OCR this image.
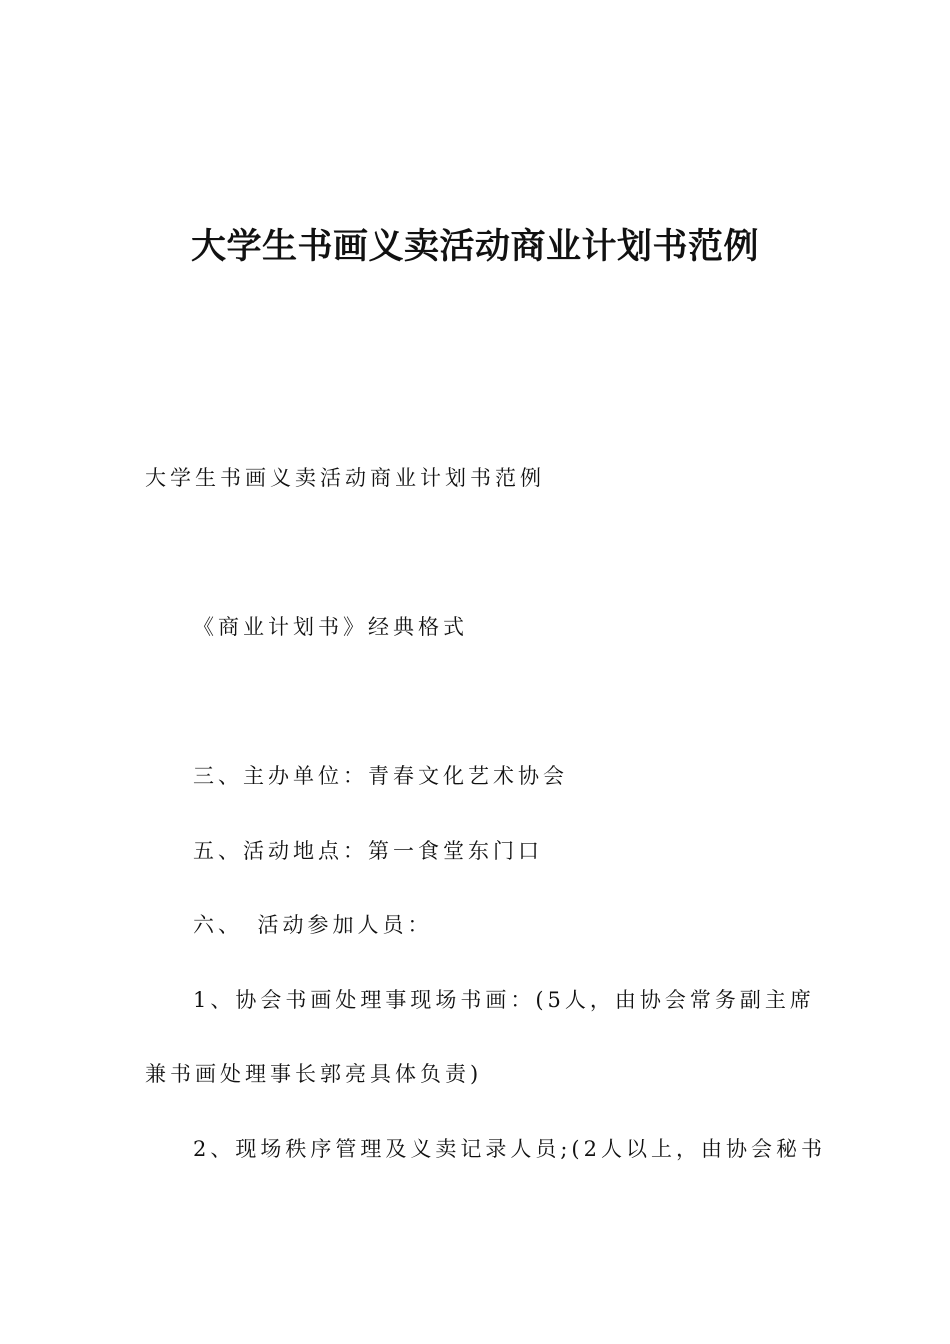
大学生书画义卖活动商业计划书范例

大学生书画义卖活动商业计划书范例

《商业计划书》经典格式

三、主办单位：青春文化艺术协会

五、活动地点：第一食堂东门口

六、　活动参加人员：

1、协会书画处理事现场书画：(5人，由协会常务副主席

兼书画处理事长郭亮具体负责)

2、现场秩序管理及义卖记录人员;(2人以上，由协会秘书
